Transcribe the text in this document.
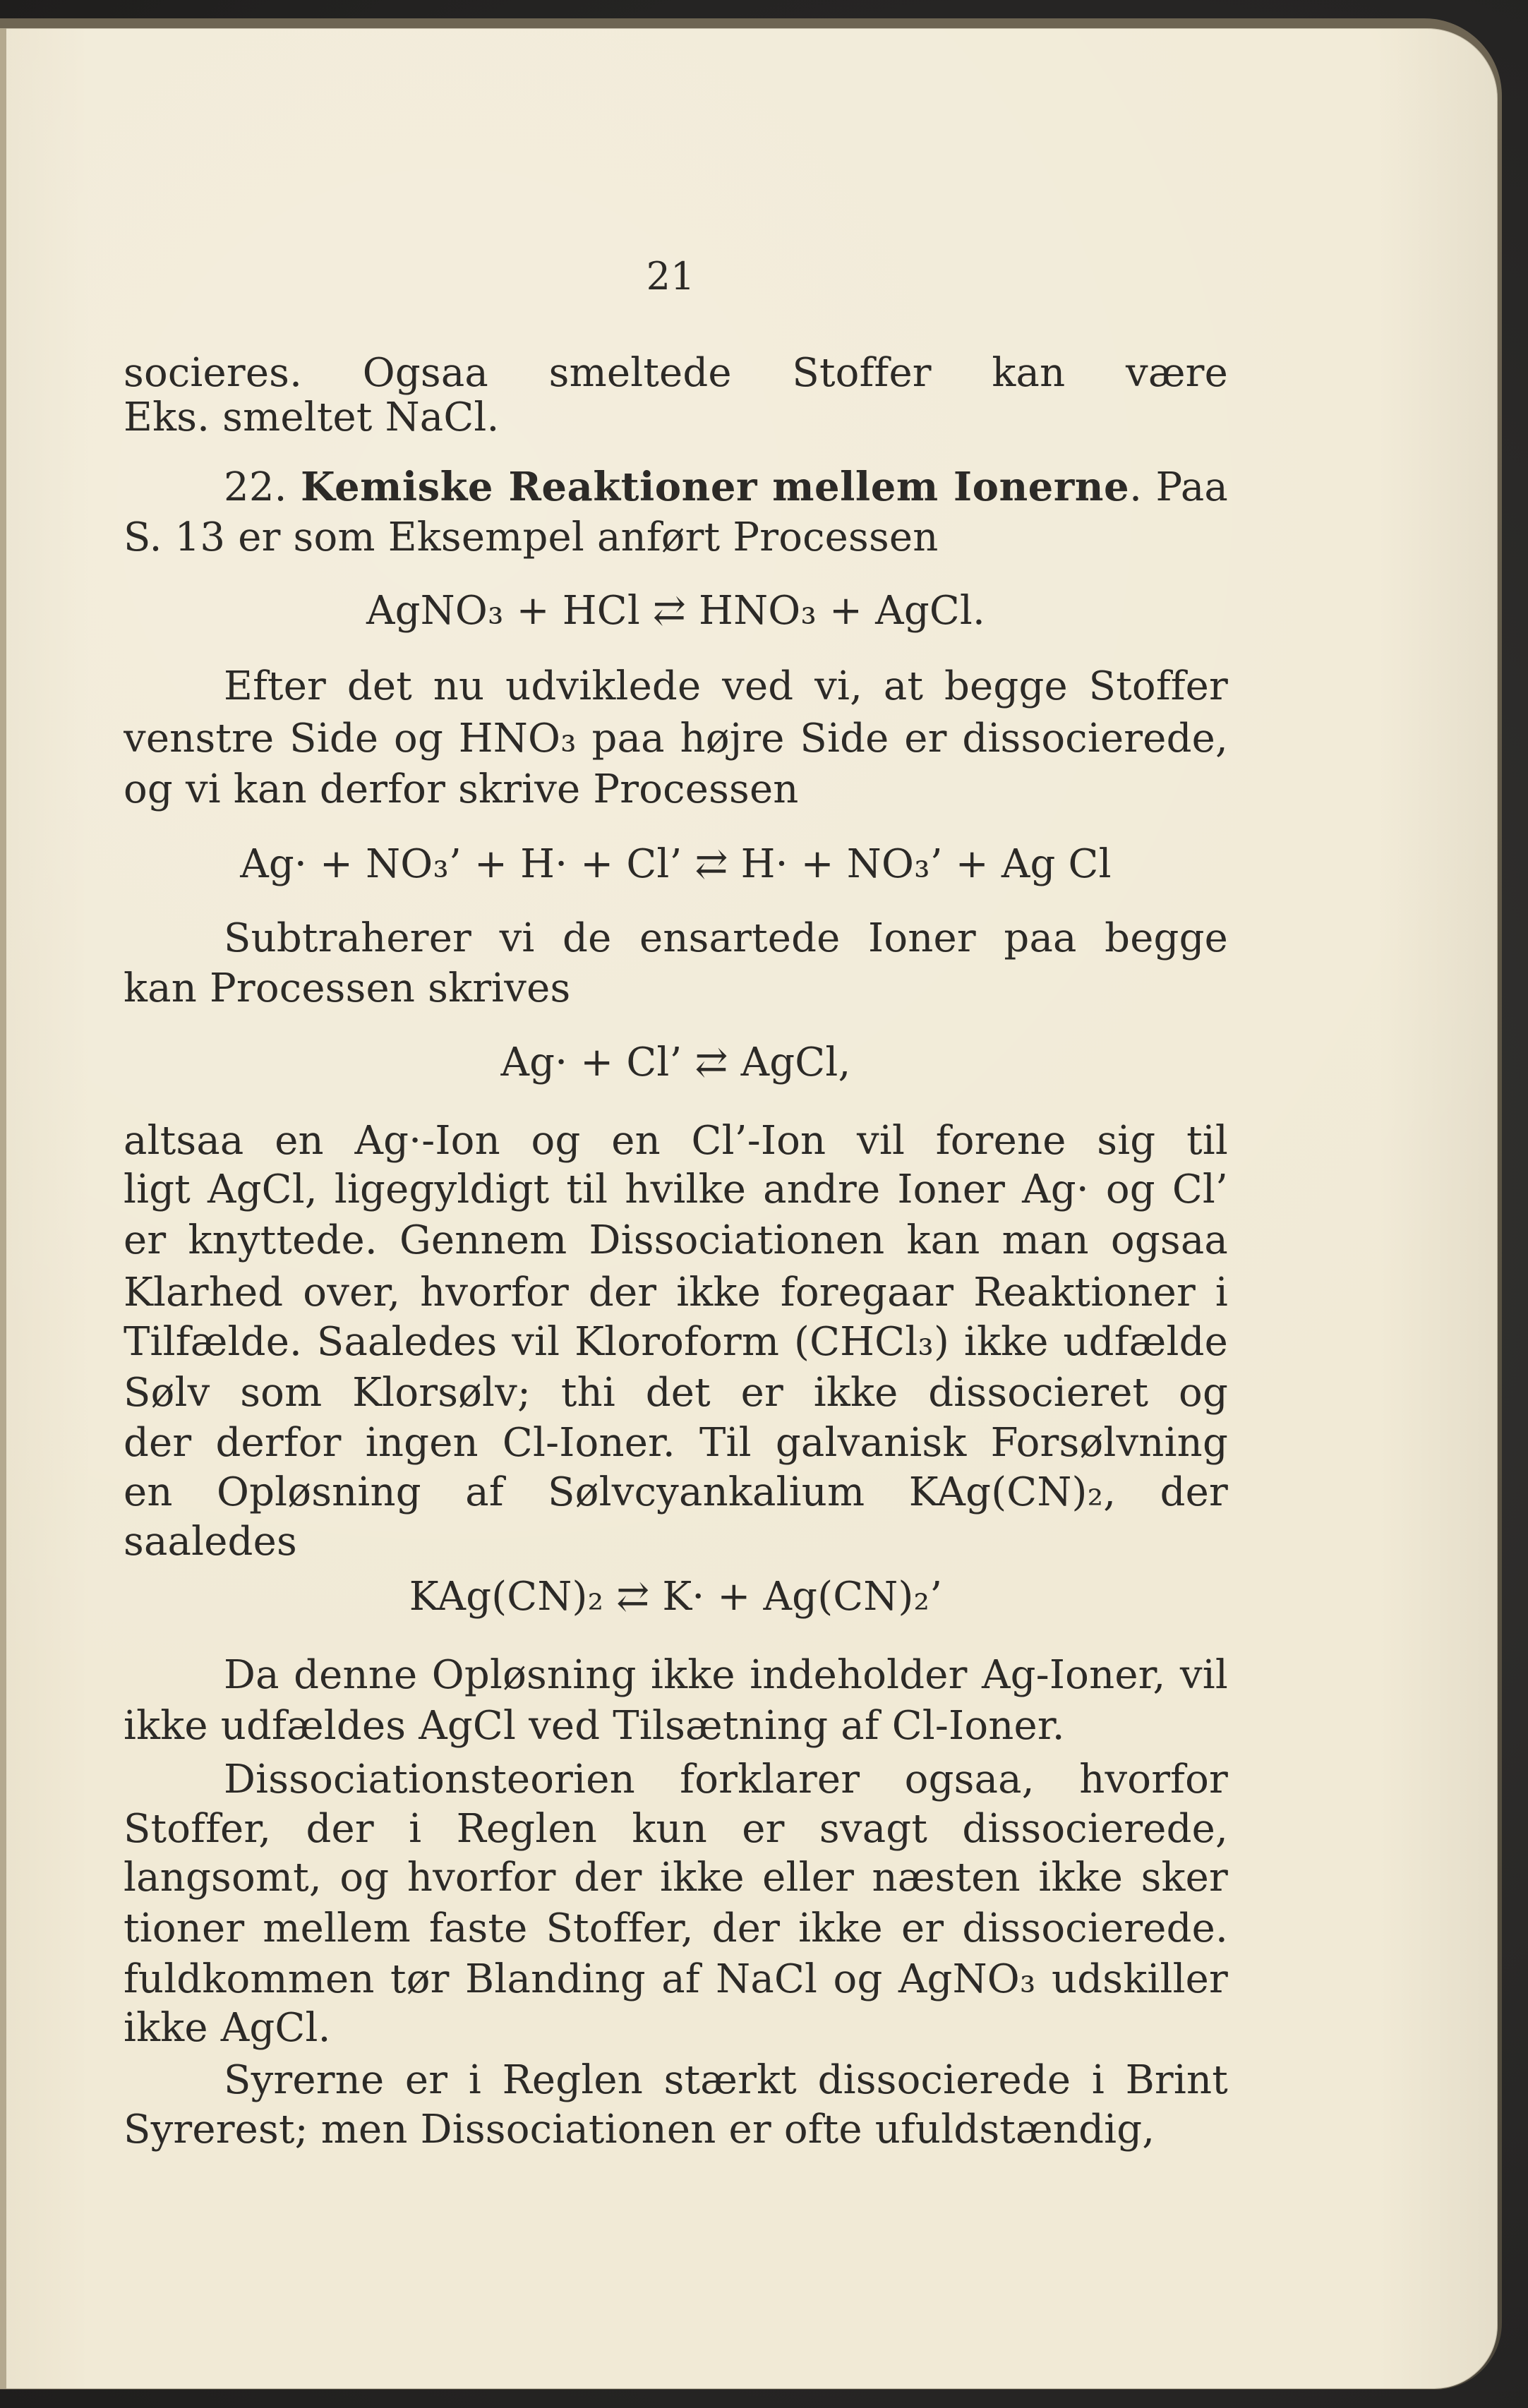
21
socieres. Ogsaa smeltede Stoffer kan være
Eks. smeltet NaCl.
22. Kemiske Reaktioner mellem Ionerne. Paa
S. 13 er som Eksempel anført Processen
AgNO₃ + HCl ⇄ HNO₃ + AgCl.
Efter det nu udviklede ved vi, at begge Stoffer
venstre Side og HNO₃ paa højre Side er dissocierede,
og vi kan derfor skrive Processen
Ag· + NO₃’ + H· + Cl’ ⇄ H· + NO₃’ + Ag Cl
Subtraherer vi de ensartede Ioner paa begge
kan Processen skrives
Ag· + Cl’ ⇄ AgCl,
altsaa en Ag·-Ion og en Cl’-Ion vil forene sig til
ligt AgCl, ligegyldigt til hvilke andre Ioner Ag· og Cl’
er knyttede. Gennem Dissociationen kan man ogsaa
Klarhed over, hvorfor der ikke foregaar Reaktioner i
Tilfælde. Saaledes vil Kloroform (CHCl₃) ikke udfælde
Sølv som Klorsølv; thi det er ikke dissocieret og
der derfor ingen Cl-Ioner. Til galvanisk Forsølvning
en Opløsning af Sølvcyankalium KAg(CN)₂, der
saaledes
KAg(CN)₂ ⇄ K· + Ag(CN)₂’
Da denne Opløsning ikke indeholder Ag-Ioner, vil
ikke udfældes AgCl ved Tilsætning af Cl-Ioner.
Dissociationsteorien forklarer ogsaa, hvorfor
Stoffer, der i Reglen kun er svagt dissocierede,
langsomt, og hvorfor der ikke eller næsten ikke sker
tioner mellem faste Stoffer, der ikke er dissocierede.
fuldkommen tør Blanding af NaCl og AgNO₃ udskiller
ikke AgCl.
Syrerne er i Reglen stærkt dissocierede i Brint
Syrerest; men Dissociationen er ofte ufuldstændig,
